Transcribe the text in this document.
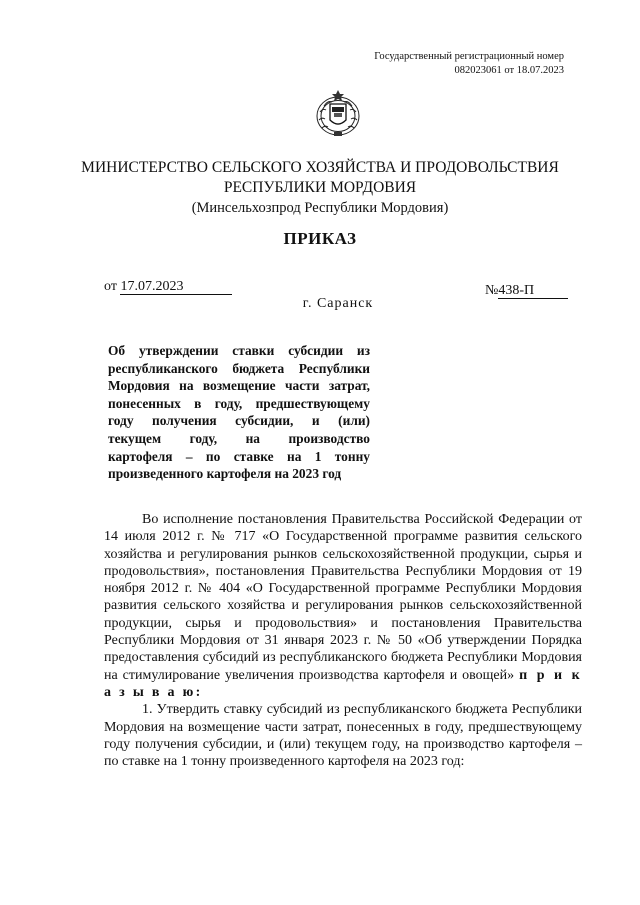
Государственный регистрационный номер
082023061 от 18.07.2023
МИНИСТЕРСТВО СЕЛЬСКОГО ХОЗЯЙСТВА И ПРОДОВОЛЬСТВИЯ
РЕСПУБЛИКИ МОРДОВИЯ
(Минсельхозпрод Республики Мордовия)
ПРИКАЗ
от 17.07.2023	№438-П
г. Саранск
Об утверждении ставки субсидии из
республиканского бюджета Республики
Мордовия на возмещение части затрат,
понесенных в году, предшествующему
году получения субсидии, и (или)
текущем году, на производство
картофеля – по ставке на 1 тонну
произведенного картофеля на 2023 год

Во исполнение постановления Правительства Российской Федерации от 14 июля 2012 г. № 717 «О Государственной программе развития сельского хозяйства и регулирования рынков сельскохозяйственной продукции, сырья и продовольствия», постановления Правительства Республики Мордовия от 19 ноября 2012 г. № 404 «О Государственной программе Республики Мордовия развития сельского хозяйства и регулирования рынков сельскохозяйственной продукции, сырья и продовольствия» и постановления Правительства Республики Мордовия от 31 января 2023 г. № 50 «Об утверждении Порядка предоставления субсидий из республиканского бюджета Республики Мордовия на стимулирование увеличения производства картофеля и овощей» п р и к а з ы в а ю:

1. Утвердить ставку субсидий из республиканского бюджета Республики Мордовия на возмещение части затрат, понесенных в году, предшествующему году получения субсидии, и (или) текущем году, на производство картофеля – по ставке на 1 тонну произведенного картофеля на 2023 год:
